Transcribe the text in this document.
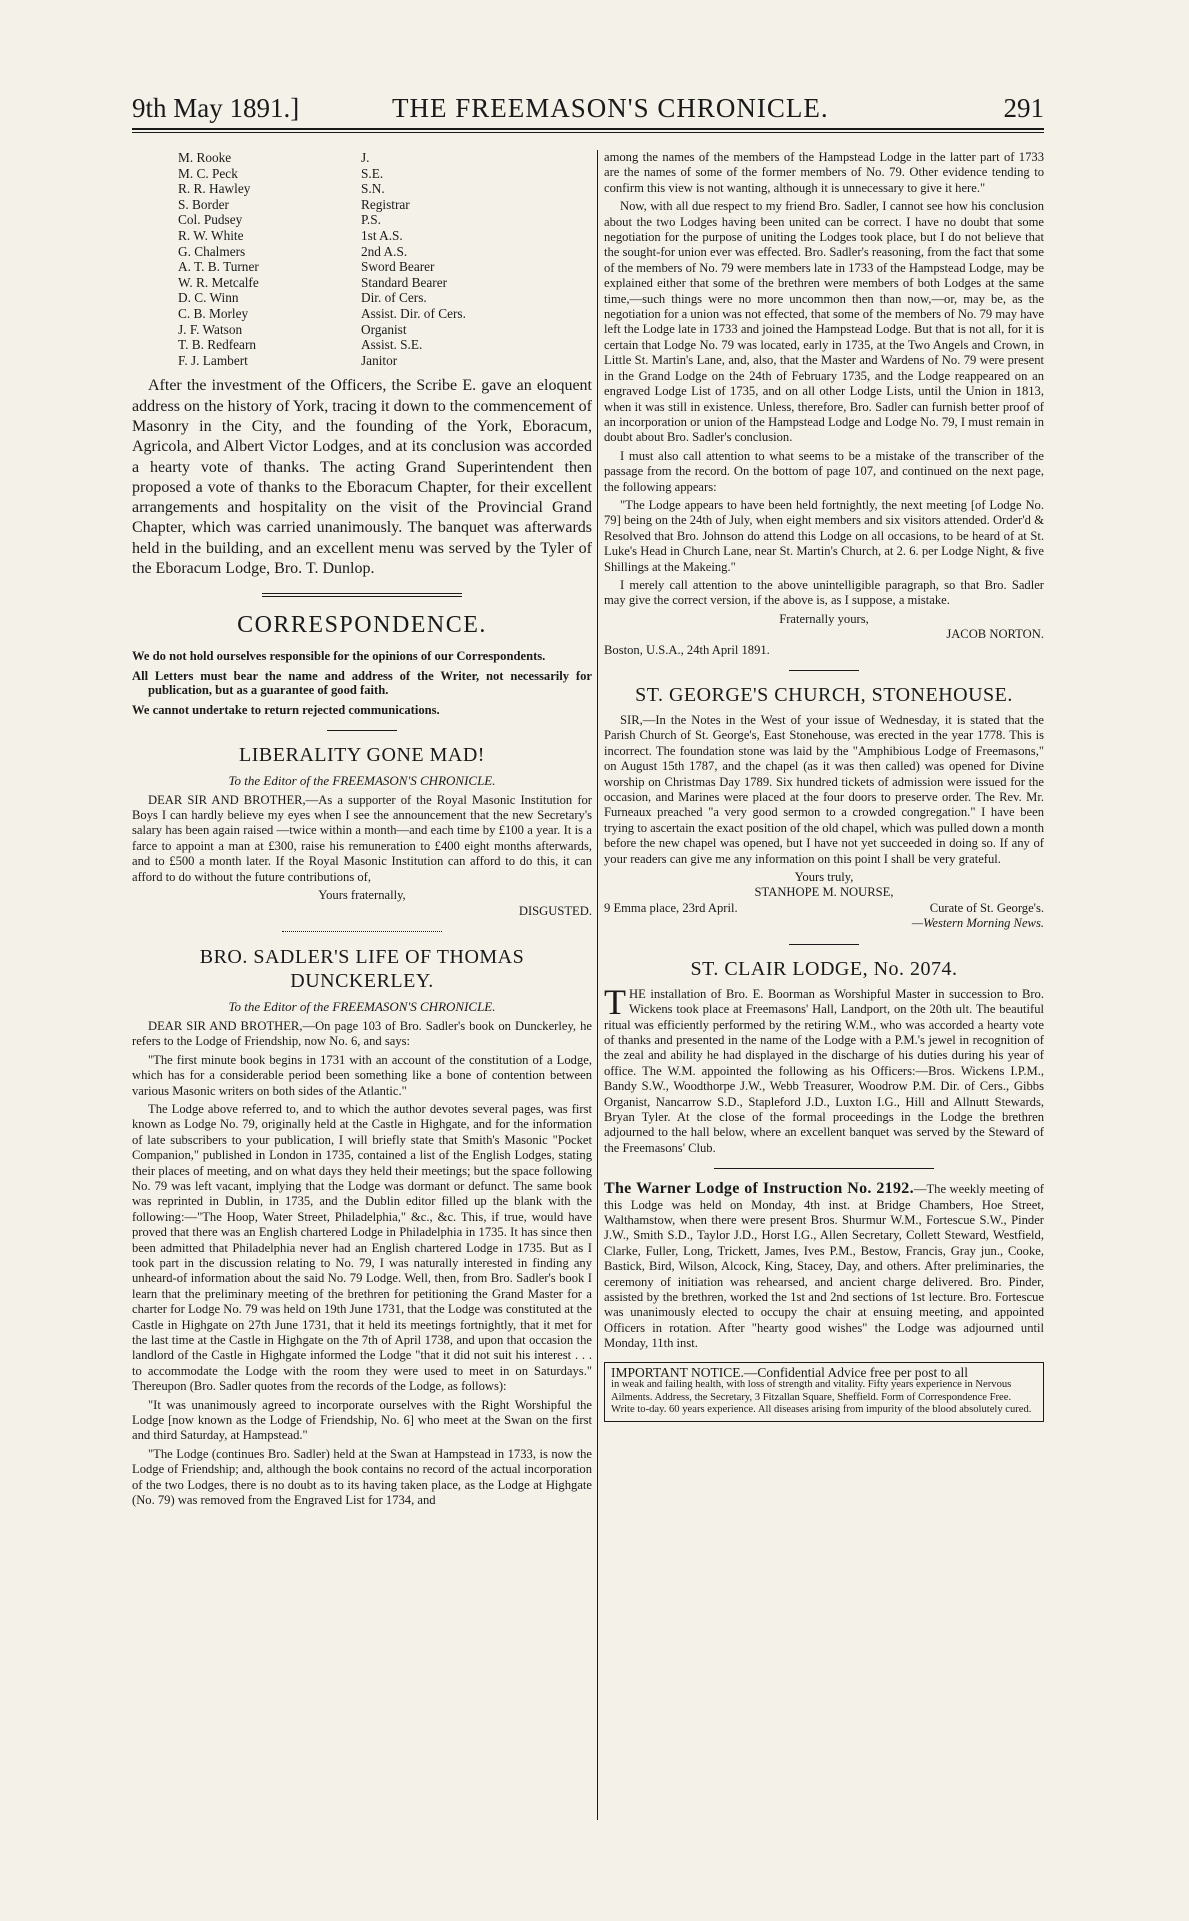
9th May 1891.]	THE FREEMASON'S CHRONICLE.	291
M. Rooke	J.
M. C. Peck	S.E.
R. R. Hawley	S.N.
S. Border	Registrar
Col. Pudsey	P.S.
R. W. White	1st A.S.
G. Chalmers	2nd A.S.
A. T. B. Turner	Sword Bearer
W. R. Metcalfe	Standard Bearer
D. C. Winn	Dir. of Cers.
C. B. Morley	Assist. Dir. of Cers.
J. F. Watson	Organist
T. B. Redfearn	Assist. S.E.
F. J. Lambert	Janitor

After the investment of the Officers, the Scribe E. gave an eloquent address on the history of York, tracing it down to the commencement of Masonry in the City, and the founding of the York, Eboracum, Agricola, and Albert Victor Lodges, and at its conclusion was accorded a hearty vote of thanks. The acting Grand Superintendent then proposed a vote of thanks to the Eboracum Chapter, for their excellent arrangements and hospitality on the visit of the Provincial Grand Chapter, which was carried unanimously. The banquet was afterwards held in the building, and an excellent menu was served by the Tyler of the Eboracum Lodge, Bro. T. Dunlop.

CORRESPONDENCE.

We do not hold ourselves responsible for the opinions of our Correspondents.

All Letters must bear the name and address of the Writer, not necessarily for publication, but as a guarantee of good faith.

We cannot undertake to return rejected communications.

LIBERALITY GONE MAD!
To the Editor of the FREEMASON'S CHRONICLE.

DEAR SIR AND BROTHER,—As a supporter of the Royal Masonic Institution for Boys I can hardly believe my eyes when I see the announcement that the new Secretary's salary has been again raised —twice within a month—and each time by £100 a year. It is a farce to appoint a man at £300, raise his remuneration to £400 eight months afterwards, and to £500 a month later. If the Royal Masonic Institution can afford to do this, it can afford to do without the future contributions of,

Yours fraternally,

DISGUSTED.

BRO. SADLER'S LIFE OF THOMAS DUNCKERLEY.
To the Editor of the FREEMASON'S CHRONICLE.

DEAR SIR AND BROTHER,—On page 103 of Bro. Sadler's book on Dunckerley, he refers to the Lodge of Friendship, now No. 6, and says:

"The first minute book begins in 1731 with an account of the constitution of a Lodge, which has for a considerable period been something like a bone of contention between various Masonic writers on both sides of the Atlantic."

The Lodge above referred to, and to which the author devotes several pages, was first known as Lodge No. 79, originally held at the Castle in Highgate, and for the information of late subscribers to your publication, I will briefly state that Smith's Masonic "Pocket Companion," published in London in 1735, contained a list of the English Lodges, stating their places of meeting, and on what days they held their meetings; but the space following No. 79 was left vacant, implying that the Lodge was dormant or defunct. The same book was reprinted in Dublin, in 1735, and the Dublin editor filled up the blank with the following:—"The Hoop, Water Street, Philadelphia," &c., &c. This, if true, would have proved that there was an English chartered Lodge in Philadelphia in 1735. It has since then been admitted that Philadelphia never had an English chartered Lodge in 1735. But as I took part in the discussion relating to No. 79, I was naturally interested in finding any unheard-of information about the said No. 79 Lodge. Well, then, from Bro. Sadler's book I learn that the preliminary meeting of the brethren for petitioning the Grand Master for a charter for Lodge No. 79 was held on 19th June 1731, that the Lodge was constituted at the Castle in Highgate on 27th June 1731, that it held its meetings fortnightly, that it met for the last time at the Castle in Highgate on the 7th of April 1738, and upon that occasion the landlord of the Castle in Highgate informed the Lodge "that it did not suit his interest . . . to accommodate the Lodge with the room they were used to meet in on Saturdays." Thereupon (Bro. Sadler quotes from the records of the Lodge, as follows):

"It was unanimously agreed to incorporate ourselves with the Right Worshipful the Lodge [now known as the Lodge of Friendship, No. 6] who meet at the Swan on the first and third Saturday, at Hampstead."

"The Lodge (continues Bro. Sadler) held at the Swan at Hampstead in 1733, is now the Lodge of Friendship; and, although the book contains no record of the actual incorporation of the two Lodges, there is no doubt as to its having taken place, as the Lodge at Highgate (No. 79) was removed from the Engraved List for 1734, and

among the names of the members of the Hampstead Lodge in the latter part of 1733 are the names of some of the former members of No. 79. Other evidence tending to confirm this view is not wanting, although it is unnecessary to give it here."

Now, with all due respect to my friend Bro. Sadler, I cannot see how his conclusion about the two Lodges having been united can be correct. I have no doubt that some negotiation for the purpose of uniting the Lodges took place, but I do not believe that the sought-for union ever was effected. Bro. Sadler's reasoning, from the fact that some of the members of No. 79 were members late in 1733 of the Hampstead Lodge, may be explained either that some of the brethren were members of both Lodges at the same time,—such things were no more uncommon then than now,—or, may be, as the negotiation for a union was not effected, that some of the members of No. 79 may have left the Lodge late in 1733 and joined the Hampstead Lodge. But that is not all, for it is certain that Lodge No. 79 was located, early in 1735, at the Two Angels and Crown, in Little St. Martin's Lane, and, also, that the Master and Wardens of No. 79 were present in the Grand Lodge on the 24th of February 1735, and the Lodge reappeared on an engraved Lodge List of 1735, and on all other Lodge Lists, until the Union in 1813, when it was still in existence. Unless, therefore, Bro. Sadler can furnish better proof of an incorporation or union of the Hampstead Lodge and Lodge No. 79, I must remain in doubt about Bro. Sadler's conclusion.

I must also call attention to what seems to be a mistake of the transcriber of the passage from the record. On the bottom of page 107, and continued on the next page, the following appears:

"The Lodge appears to have been held fortnightly, the next meeting [of Lodge No. 79] being on the 24th of July, when eight members and six visitors attended. Order'd & Resolved that Bro. Johnson do attend this Lodge on all occasions, to be heard of at St. Luke's Head in Church Lane, near St. Martin's Church, at 2. 6. per Lodge Night, & five Shillings at the Makeing."

I merely call attention to the above unintelligible paragraph, so that Bro. Sadler may give the correct version, if the above is, as I suppose, a mistake.

Fraternally yours,

JACOB NORTON.

Boston, U.S.A., 24th April 1891.

ST. GEORGE'S CHURCH, STONEHOUSE.

SIR,—In the Notes in the West of your issue of Wednesday, it is stated that the Parish Church of St. George's, East Stonehouse, was erected in the year 1778. This is incorrect. The foundation stone was laid by the "Amphibious Lodge of Freemasons," on August 15th 1787, and the chapel (as it was then called) was opened for Divine worship on Christmas Day 1789. Six hundred tickets of admission were issued for the occasion, and Marines were placed at the four doors to preserve order. The Rev. Mr. Furneaux preached "a very good sermon to a crowded congregation." I have been trying to ascertain the exact position of the old chapel, which was pulled down a month before the new chapel was opened, but I have not yet succeeded in doing so. If any of your readers can give me any information on this point I shall be very grateful.

Yours truly,

STANHOPE M. NOURSE,

9 Emma place, 23rd April.	Curate of St. George's.

—Western Morning News.

ST. CLAIR LODGE, No. 2074.

THE installation of Bro. E. Boorman as Worshipful Master in succession to Bro. Wickens took place at Freemasons' Hall, Landport, on the 20th ult. The beautiful ritual was efficiently performed by the retiring W.M., who was accorded a hearty vote of thanks and presented in the name of the Lodge with a P.M.'s jewel in recognition of the zeal and ability he had displayed in the discharge of his duties during his year of office. The W.M. appointed the following as his Officers:—Bros. Wickens I.P.M., Bandy S.W., Woodthorpe J.W., Webb Treasurer, Woodrow P.M. Dir. of Cers., Gibbs Organist, Nancarrow S.D., Stapleford J.D., Luxton I.G., Hill and Allnutt Stewards, Bryan Tyler. At the close of the formal proceedings in the Lodge the brethren adjourned to the hall below, where an excellent banquet was served by the Steward of the Freemasons' Club.

The Warner Lodge of Instruction No. 2192.—The weekly meeting of this Lodge was held on Monday, 4th inst. at Bridge Chambers, Hoe Street, Walthamstow, when there were present Bros. Shurmur W.M., Fortescue S.W., Pinder J.W., Smith S.D., Taylor J.D., Horst I.G., Allen Secretary, Collett Steward, Westfield, Clarke, Fuller, Long, Trickett, James, Ives P.M., Bestow, Francis, Gray jun., Cooke, Bastick, Bird, Wilson, Alcock, King, Stacey, Day, and others. After preliminaries, the ceremony of initiation was rehearsed, and ancient charge delivered. Bro. Pinder, assisted by the brethren, worked the 1st and 2nd sections of 1st lecture. Bro. Fortescue was unanimously elected to occupy the chair at ensuing meeting, and appointed Officers in rotation. After "hearty good wishes" the Lodge was adjourned until Monday, 11th inst.

IMPORTANT NOTICE.—Confidential Advice free per post to all
in weak and failing health, with loss of strength and vitality. Fifty years experience in Nervous Ailments. Address, the Secretary, 3 Fitzallan Square, Sheffield. Form of Correspondence Free. Write to-day. 60 years experience. All diseases arising from impurity of the blood absolutely cured.
